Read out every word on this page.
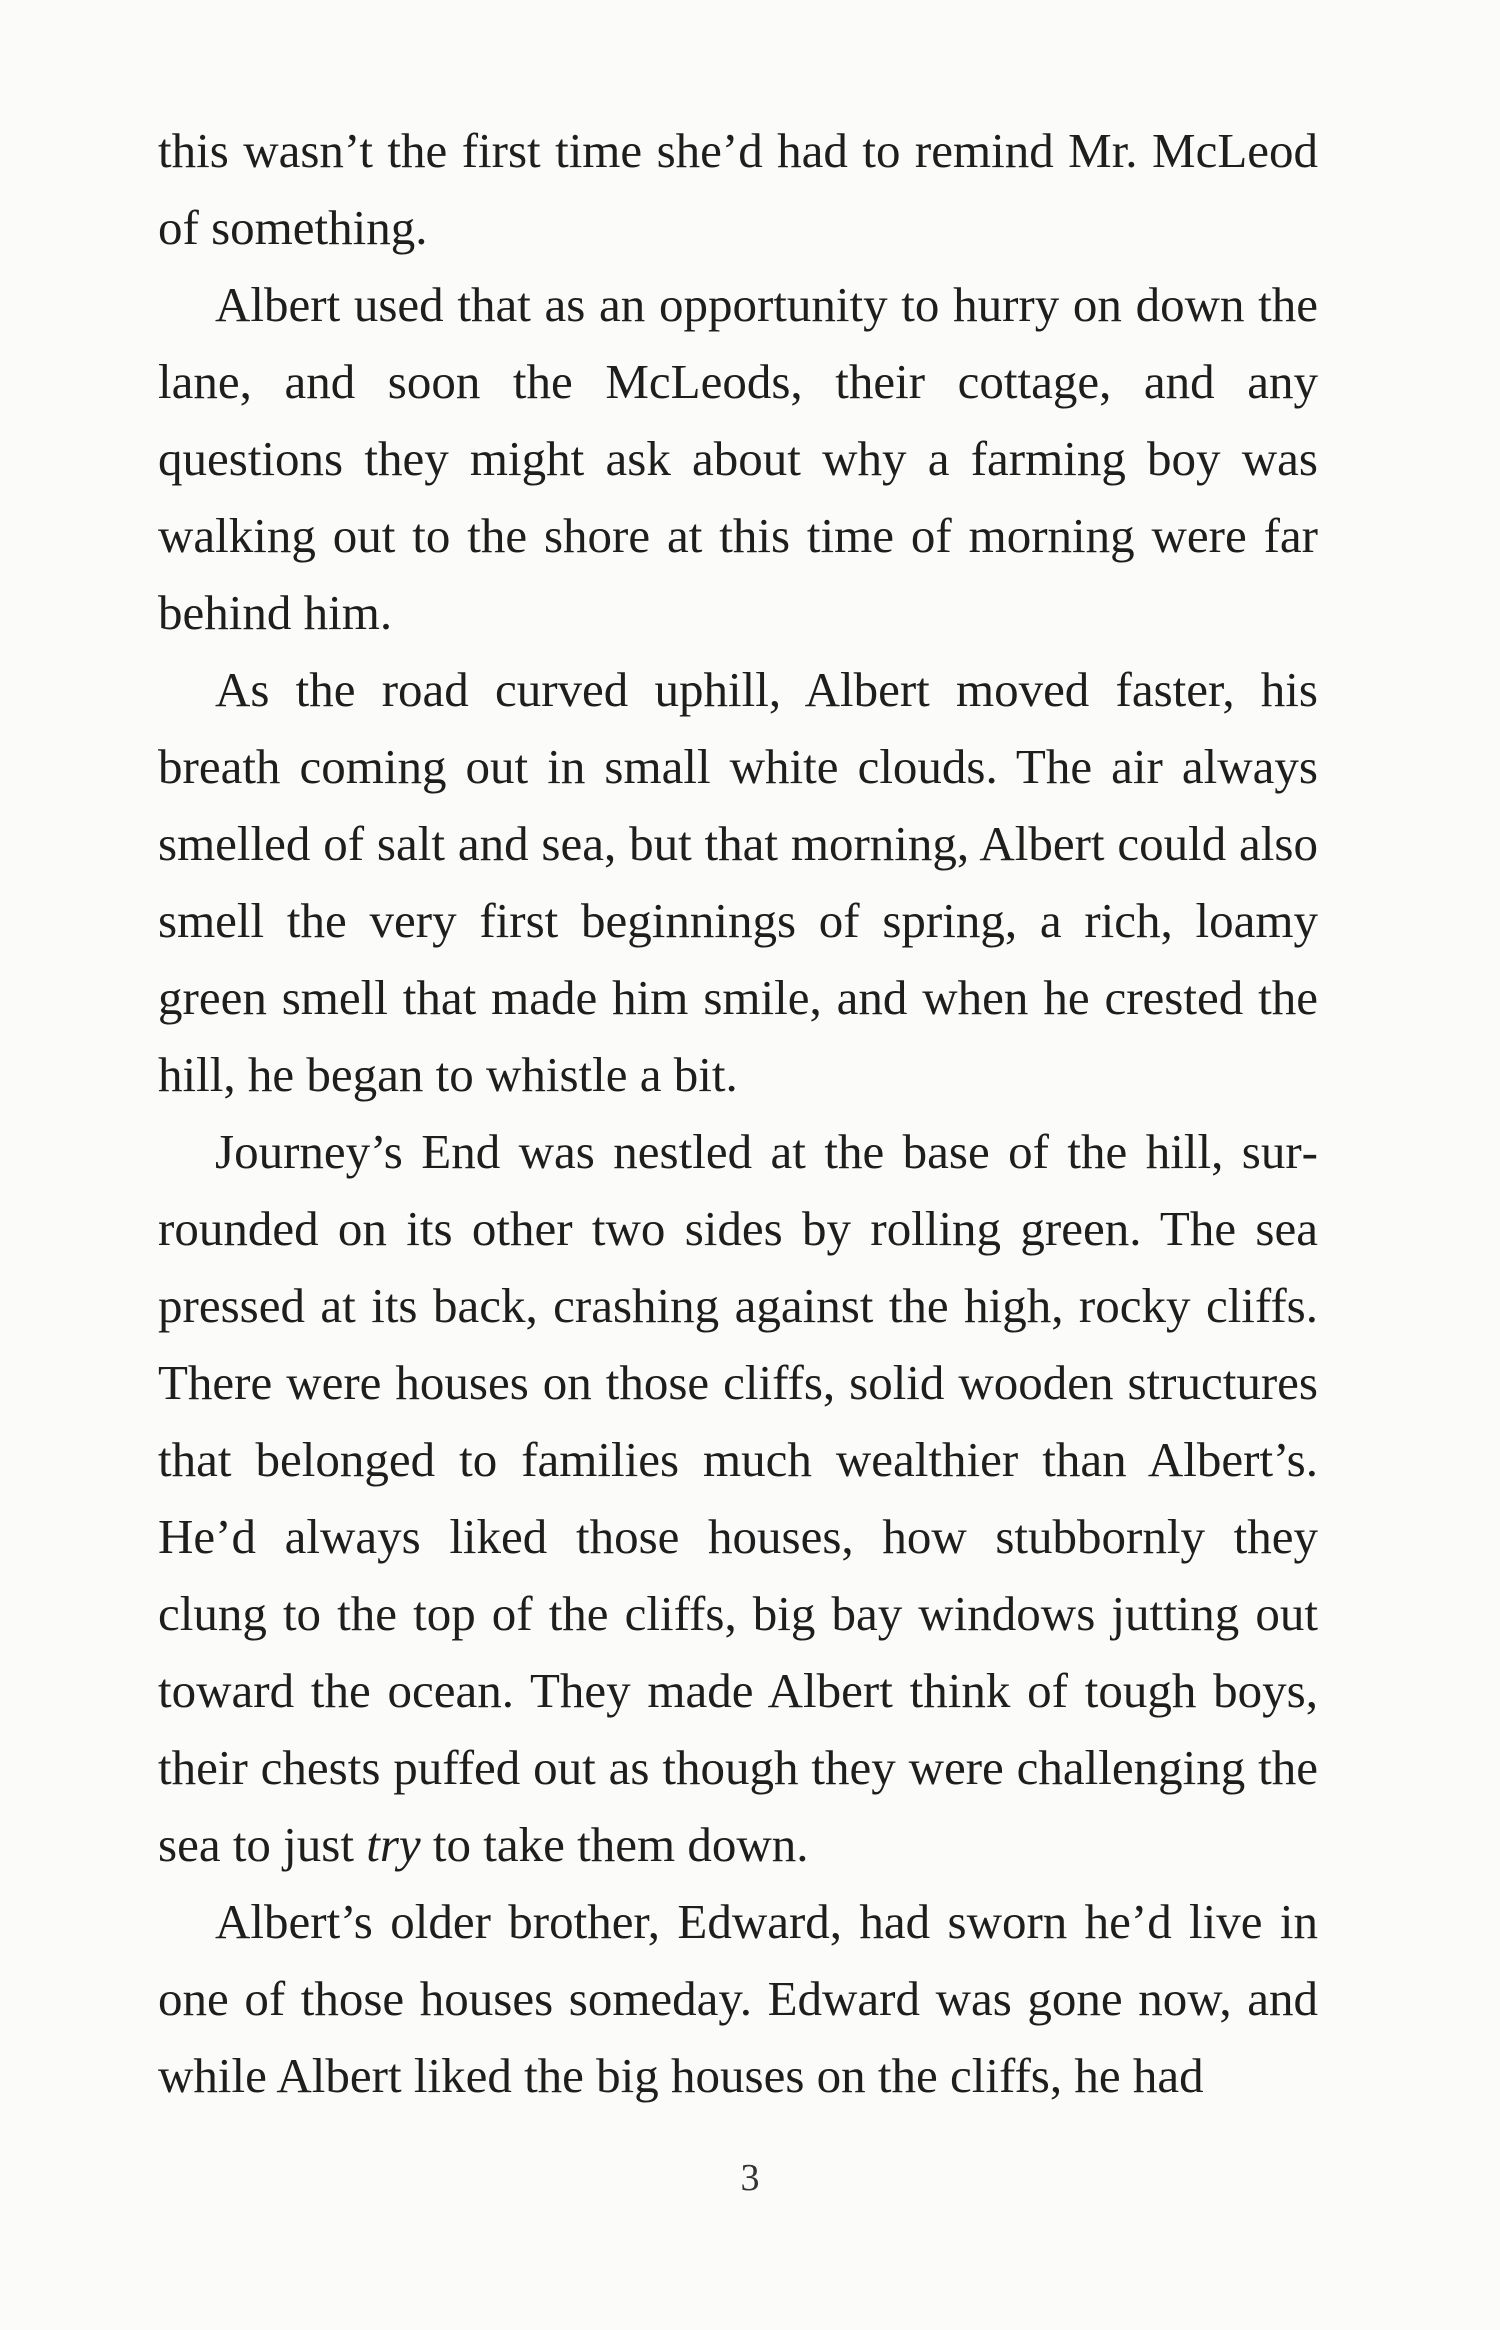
this wasn’t the first time she’d had to remind Mr. McLeod of something.

Albert used that as an opportunity to hurry on down the lane, and soon the McLeods, their cottage, and any questions they might ask about why a farming boy was walking out to the shore at this time of morning were far behind him.

As the road curved uphill, Albert moved faster, his breath coming out in small white clouds. The air always smelled of salt and sea, but that morning, Albert could also smell the very first beginnings of spring, a rich, loamy green smell that made him smile, and when he crested the hill, he began to whistle a bit.

Journey’s End was nestled at the base of the hill, surrounded on its other two sides by rolling green. The sea pressed at its back, crashing against the high, rocky cliffs. There were houses on those cliffs, solid wooden structures that belonged to families much wealthier than Albert’s. He’d always liked those houses, how stubbornly they clung to the top of the cliffs, big bay windows jutting out toward the ocean. They made Albert think of tough boys, their chests puffed out as though they were challenging the sea to just try to take them down.

Albert’s older brother, Edward, had sworn he’d live in one of those houses someday. Edward was gone now, and while Albert liked the big houses on the cliffs, he had

3
